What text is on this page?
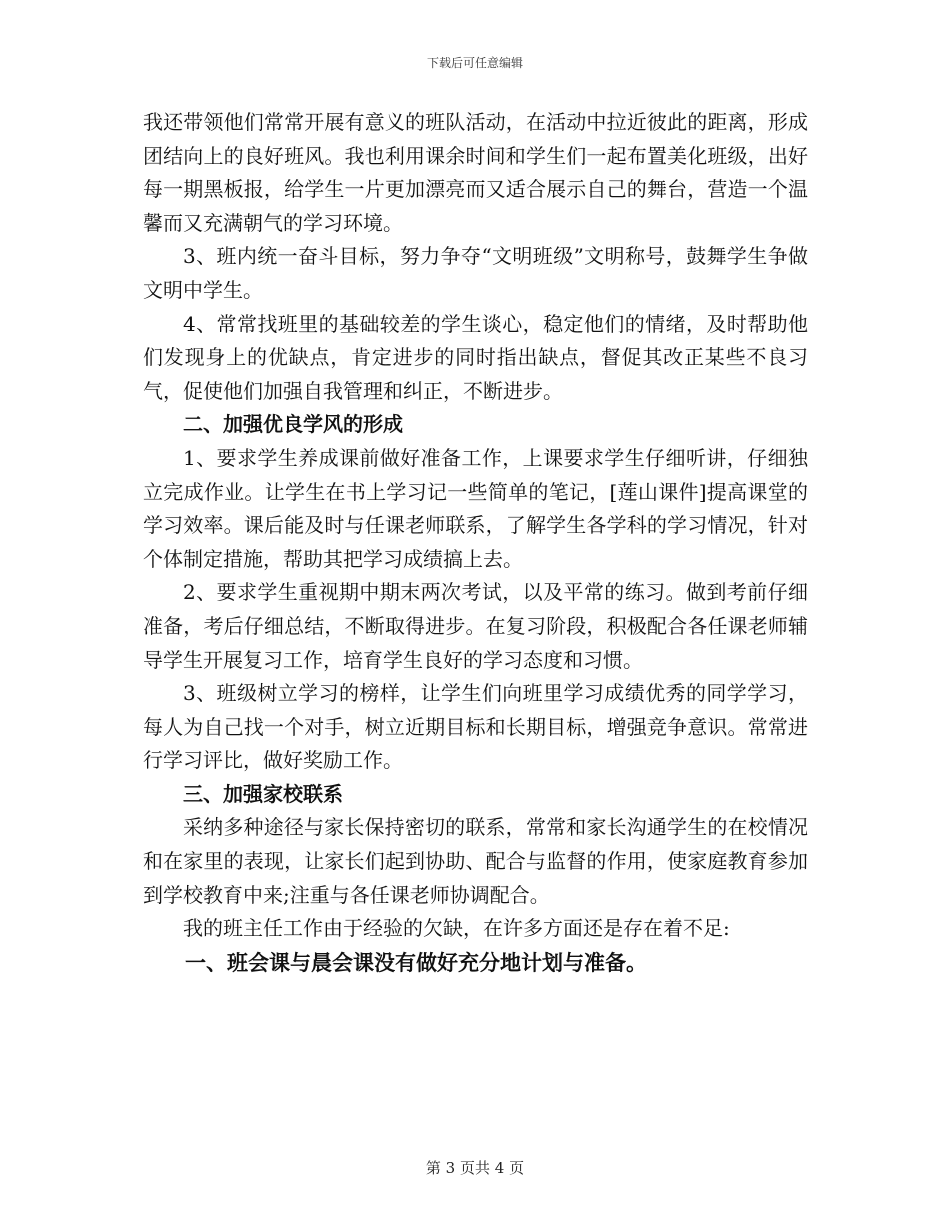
下载后可任意编辑

我还带领他们常常开展有意义的班队活动，在活动中拉近彼此的距离，形成团结向上的良好班风。我也利用课余时间和学生们一起布置美化班级，出好每一期黑板报，给学生一片更加漂亮而又适合展示自己的舞台，营造一个温馨而又充满朝气的学习环境。

3、班内统一奋斗目标，努力争夺“文明班级”文明称号，鼓舞学生争做文明中学生。

4、常常找班里的基础较差的学生谈心，稳定他们的情绪，及时帮助他们发现身上的优缺点，肯定进步的同时指出缺点，督促其改正某些不良习气，促使他们加强自我管理和纠正，不断进步。

二、加强优良学风的形成

1、要求学生养成课前做好准备工作，上课要求学生仔细听讲，仔细独立完成作业。让学生在书上学习记一些简单的笔记，[莲山课件]提高课堂的学习效率。课后能及时与任课老师联系，了解学生各学科的学习情况，针对个体制定措施，帮助其把学习成绩搞上去。

2、要求学生重视期中期末两次考试，以及平常的练习。做到考前仔细准备，考后仔细总结，不断取得进步。在复习阶段，积极配合各任课老师辅导学生开展复习工作，培育学生良好的学习态度和习惯。

3、班级树立学习的榜样，让学生们向班里学习成绩优秀的同学学习，每人为自己找一个对手，树立近期目标和长期目标，增强竞争意识。常常进行学习评比，做好奖励工作。

三、加强家校联系

采纳多种途径与家长保持密切的联系，常常和家长沟通学生的在校情况和在家里的表现，让家长们起到协助、配合与监督的作用，使家庭教育参加到学校教育中来;注重与各任课老师协调配合。

我的班主任工作由于经验的欠缺，在许多方面还是存在着不足:

一、班会课与晨会课没有做好充分地计划与准备。

第 3 页共 4 页
